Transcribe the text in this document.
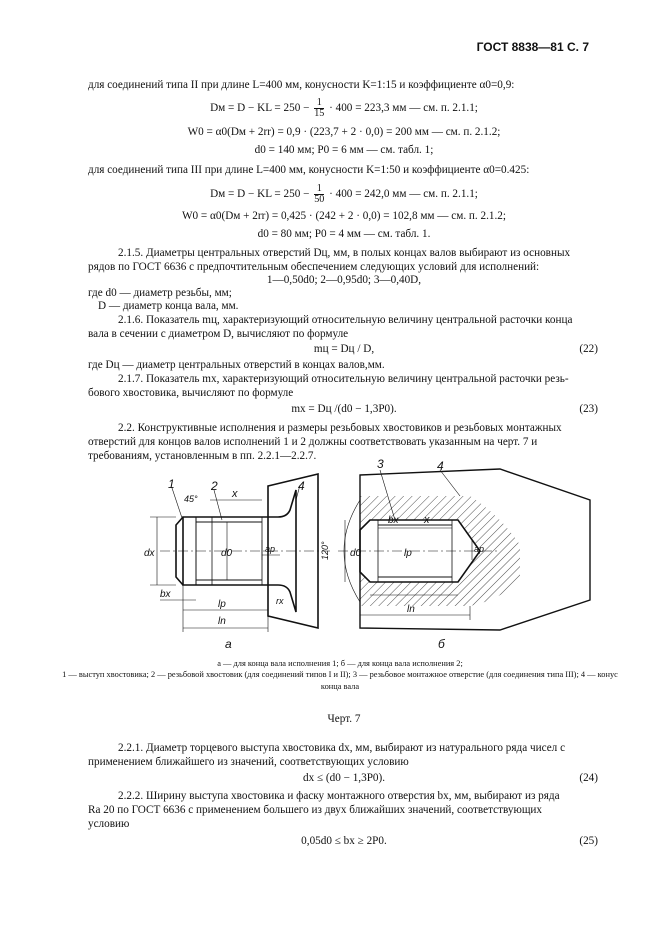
ГОСТ 8838—81 С. 7
для соединений типа II при длине L=400 мм, конусности K=1:15 и коэффициенте α0=0,9:
Dм = D − KL = $250 - \frac{1}{15} \cdot 400 = 223,3$ мм — см. п. 2.1.1;
W0 = α0(Dм + 2rr) = 0,9 · (223,7 + 2 · 0,0) = 200 мм — см. п. 2.1.2;
d0 = 140 мм; P0 = 6 мм — см. табл. 1;
для соединений типа III при длине L=400 мм, конусности K=1:50 и коэффициенте α0=0.425:
Dм = D − KL = $250 - \frac{1}{50} \cdot 400 = 242,0$ мм — см. п. 2.1.1;
W0 = α0(Dм + 2rr) = 0,425 · (242 + 2 · 0,0) = 102,8 мм — см. п. 2.1.2;
d0 = 80 мм; P0 = 4 мм — см. табл. 1.
2.1.5. Диаметры центральных отверстий Dц, мм, в полых концах валов выбирают из основных
рядов по ГОСТ 6636 с предпочтительным обеспечением следующих условий для исполнений:
1—0,50d0; 2—0,95d0; 3—0,40D,
где d0 — диаметр резьбы, мм;
D — диаметр конца вала, мм.
2.1.6. Показатель mц, характеризующий относительную величину центральной расточки конца
вала в сечении с диаметром D, вычисляют по формуле
mц = Dц / D,	(22)
где Dц — диаметр центральных отверстий в концах валов,мм.
2.1.7. Показатель mх, характеризующий относительную величину центральной расточки резь-
бового хвостовика, вычисляют по формуле
mх = Dц /(d0 − 1,3P0).	(23)
2.2. Конструктивные исполнения и размеры резьбовых хвостовиков и резьбовых монтажных
отверстий для концов валов исполнений 1 и 2 должны соответствовать указанным на черт. 7 и
требованиям, установленным в пп. 2.2.1—2.2.7.
1	2
45°	x
4
dx	d0	ap
bx
lp	rx
ln
a
3	4
bx x
120° d0	lp	ap
ln
б
а — для конца вала исполнения 1; б — для конца вала исполнения 2;
1 — выступ хвостовика; 2 — резьбовой хвостовик (для соединений типов I и II); 3 — резьбовое монтажное отверстие (для соединения типа III); 4 — конус конца вала
Черт. 7
2.2.1. Диаметр торцевого выступа хвостовика dх, мм, выбирают из натурального ряда чисел с
применением ближайшего из значений, соответствующих условию
dх ≤ (d0 − 1,3P0).	(24)
2.2.2. Ширину выступа хвостовика и фаску монтажного отверстия bх, мм, выбирают из ряда
Ra 20 по ГОСТ 6636 с применением большего из двух ближайших значений, соответствующих
условию
0,05d0 ≤ bх ≥ 2P0.	(25)
